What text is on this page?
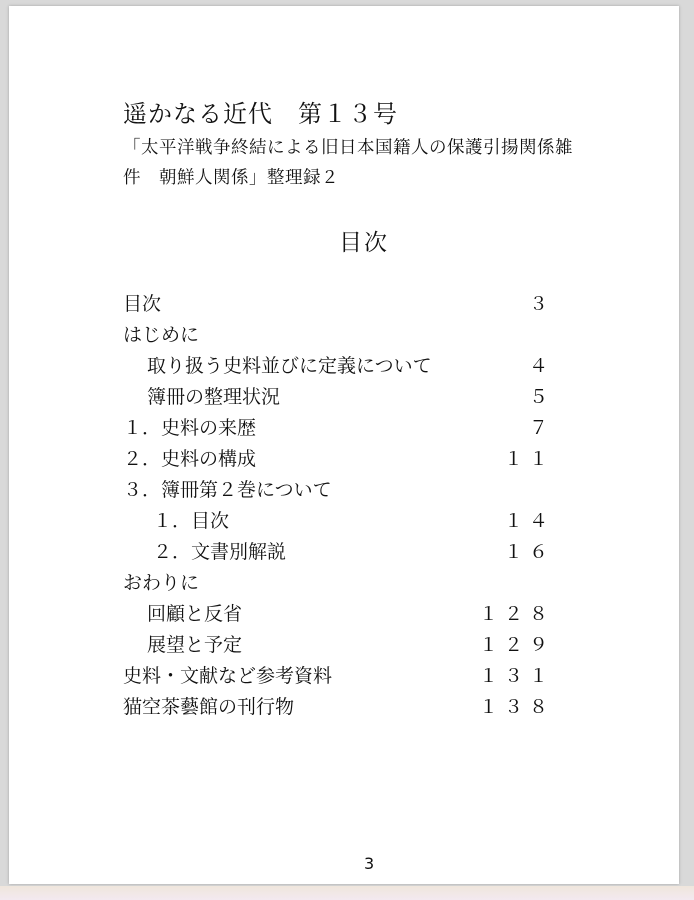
遥かなる近代　第１３号
「太平洋戦争終結による旧日本国籍人の保護引揚関係雑
件　朝鮮人関係」整理録２
目次
目次	３
はじめに
取り扱う史料並びに定義について	４
簿冊の整理状況	５
１．史料の来歴	７
２．史料の構成	１１
３．簿冊第２巻について
１．目次	１４
２．文書別解説	１６
おわりに
回顧と反省	１２８
展望と予定	１２９
史料・文献など参考資料	１３１
猫空茶藝館の刊行物	１３８
3
